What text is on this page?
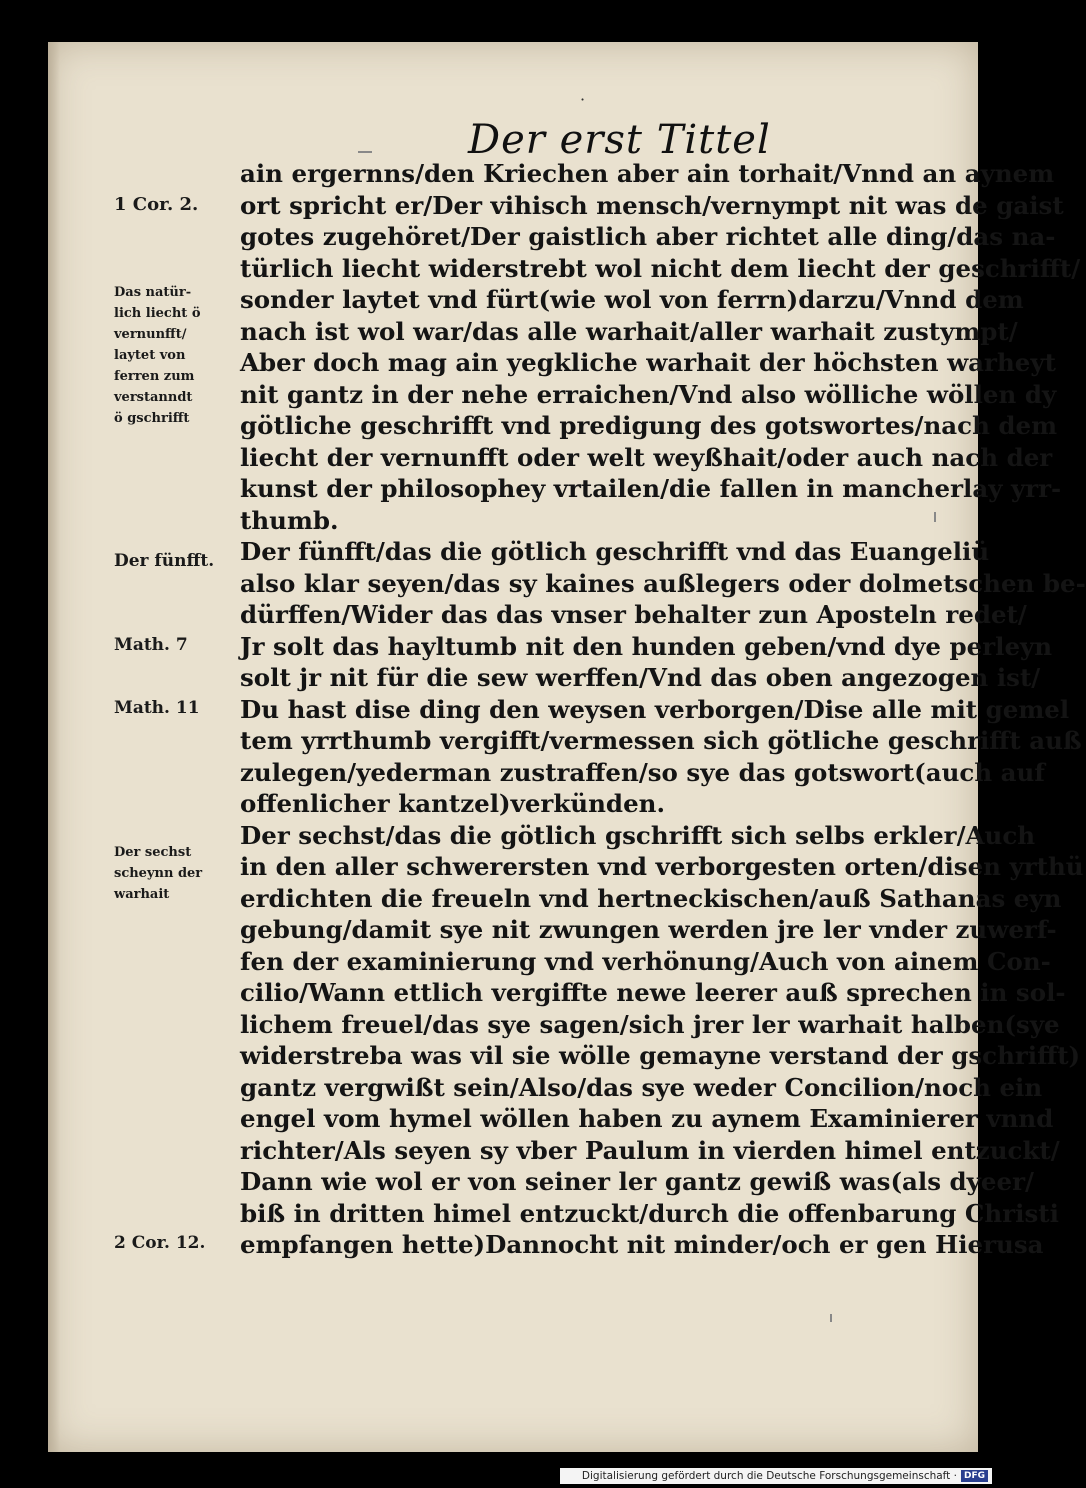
·
Der erst Tittel
ain ergernns/den Kriechen aber ain torhait/Vnnd an aynem
ort spricht er/Der vihisch mensch/vernympt nit was de gaist
gotes zugehöret/Der gaistlich aber richtet alle ding/das na-
türlich liecht widerstrebt wol nicht dem liecht der geschrifft/
sonder laytet vnd fürt(wie wol von ferrn)darzu/Vnnd dem
nach ist wol war/das alle warhait/aller warhait zustympt/
Aber doch mag ain yegkliche warhait der höchsten warheyt
nit gantz in der nehe erraichen/Vnd also wölliche wöllen dy
götliche geschrifft vnd predigung des gotswortes/nach dem
liecht der vernunfft oder welt weyßhait/oder auch nach der
kunst der philosophey vrtailen/die fallen in mancherlay yrr-
thumb.
Der fünfft/das die götlich geschrifft vnd das Euangeliü
also klar seyen/das sy kaines außlegers oder dolmetschen be-
dürffen/Wider das das vnser behalter zun Aposteln redet/
Jr solt das hayltumb nit den hunden geben/vnd dye perleyn
solt jr nit für die sew werffen/Vnd das oben angezogen ist/
Du hast dise ding den weysen verborgen/Dise alle mit gemel
tem yrrthumb vergifft/vermessen sich götliche geschrifft auß
zulegen/yederman zustraffen/so sye das gotswort(auch auf
offenlicher kantzel)verkünden.
Der sechst/das die götlich gschrifft sich selbs erkler/Auch
in den aller schwerersten vnd verborgesten orten/disen yrthü
erdichten die freueln vnd hertneckischen/auß Sathanas eyn
gebung/damit sye nit zwungen werden jre ler vnder zuwerf-
fen der examinierung vnd verhönung/Auch von ainem Con-
cilio/Wann ettlich vergiffte newe leerer auß sprechen in sol-
lichem freuel/das sye sagen/sich jrer ler warhait halben(sye
widerstreba was vil sie wölle gemayne verstand der gschrifft)
gantz vergwißt sein/Also/das sye weder Concilion/noch ein
engel vom hymel wöllen haben zu aynem Examinierer vnnd
richter/Als seyen sy vber Paulum in vierden himel entzuckt/
Dann wie wol er von seiner ler gantz gewiß was(als dyeer/
biß in dritten himel entzuckt/durch die offenbarung Christi
empfangen hette)Dannocht nit minder/och er gen Hierusa
1 Cor. 2.
Das natür-
lich liecht ö
vernunfft/
laytet von
ferren zum
verstanndt
ö gschrifft
Der fünfft.
Math. 7
Math. 11
Der sechst
scheynn der
warhait
2 Cor. 12.
Digitalisierung gefördert durch die Deutsche Forschungsgemeinschaft · DFG
